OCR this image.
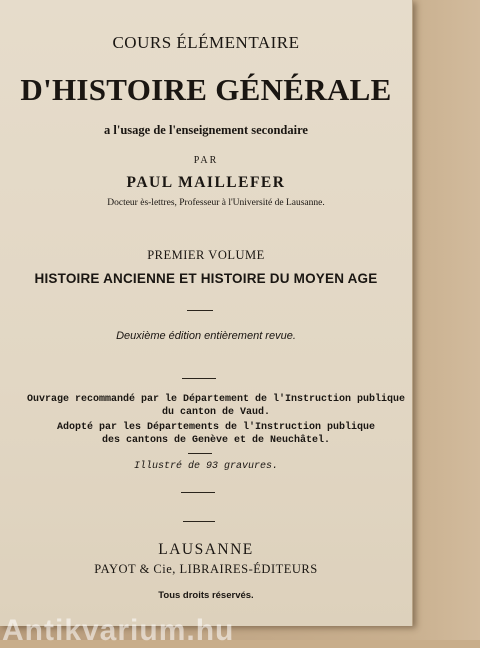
COURS ÉLÉMENTAIRE
D'HISTOIRE GÉNÉRALE
a l'usage de l'enseignement secondaire
PAR
PAUL MAILLEFER
Docteur ès-lettres, Professeur à l'Université de Lausanne.
PREMIER VOLUME
HISTOIRE ANCIENNE ET HISTOIRE DU MOYEN AGE
Deuxième édition entièrement revue.
Ouvrage recommandé par le Département de l'Instruction publique
du canton de Vaud.
Adopté par les Départements de l'Instruction publique
des cantons de Genève et de Neuchâtel.
Illustré de 93 gravures.
LAUSANNE
PAYOT & Cie, LIBRAIRES-ÉDITEURS
Tous droits réservés.
Antikvarium.hu
